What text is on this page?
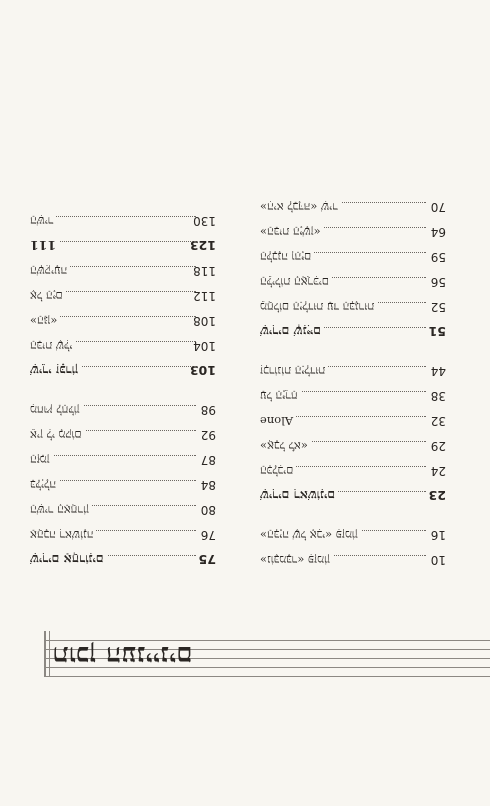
תוכן העניינים
10
«נוֹבֶּמבֶּר» פִּזְמוֹן
16
«הַבְּיָה שֶׁל אָבִי» פִּזְמוֹן
23
שִׁירִים רִאשׁוֹנִים
24
הַכְּלָבִים
29
«אֲבָל לֹא»
32
Alone
38
עַל הַיָּרֵחַ
44
זִכְרוֹנוֹת הַיַּלְדוּת
51
שִׁירִים שְׁנִיִּים
52
מֵחֲלוֹם הַיַּלְדוּת עַד הַבְּגָרוּת
56
הַלֵּילוֹת הָאֲרֻכִּים
59
הַלְּבָנָה וְהַיָּם
64
«הַבַּיִת הַיָּשָׁן»
70
«הִיא לְבַדָּהּ» שִׁיר
75
שִׁירִים אַחֲרוֹנִים
76
אַהֲבָה רִאשׁוֹנָה
80
הַשִּׁיר הָאַחֲרוֹן
84
בַּלַּיְלָה
87
הַזְּמַן
92
אֵין לִי מָקוֹם
98
מִחוּץ לַחַלּוֹן
103
שִׁירֵי זִכָּרוֹן
104
הַבַּיִת שֶׁלִּי
108
«הַגַּן»
112
אֶל הַיָּם
118
הַשְּׁקִיעָה
123
111
130
הַשִּׁיר
